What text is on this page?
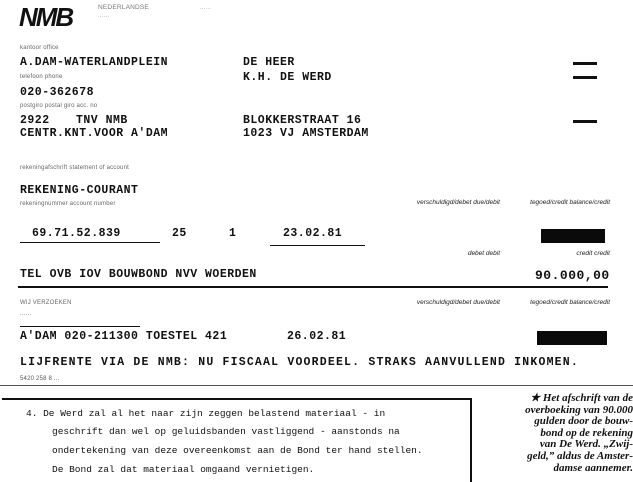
NMB	NEDERLANDSE
......
......
kantoor office
A.DAM-WATERLANDPLEIN
telefoon phone
020-362678
postgiro postal giro acc. no
2922 TNV NMB
CENTR.KNT.VOOR A'DAM
DE HEER
K.H. DE WERD
BLOKKERSTRAAT 16
1023 VJ AMSTERDAM
rekeningafschrift statement of account
REKENING-COURANT
rekeningnummer account number	verschuldigd/debet due/debit	tegoed/credit balance/credit
69.71.52.839	25	1	23.02.81
debet debit	credit credit
TEL OVB IOV BOUWBOND NVV WOERDEN	90.000,00
WIJ VERZOEKEN
......
verschuldigd/debet due/debit	tegoed/credit balance/credit
A'DAM 020-211300 TOESTEL 421	26.02.81
LIJFRENTE VIA DE NMB: NU FISCAAL VOORDEEL. STRAKS AANVULLEND INKOMEN.
5420 258 8 ...
4. De Werd zal al het naar zijn zeggen belastend materiaal - in
geschrift dan wel op geluidsbanden vastliggend - aanstonds na
ondertekening van deze overeenkomst aan de Bond ter hand stellen.
De Bond zal dat materiaal omgaand vernietigen.
★ Het afschrift van de
overboeking van 90.000
gulden door de bouw-
bond op de rekening
van De Werd. „Zwij-
geld,” aldus de Amster-
damse aannemer.
